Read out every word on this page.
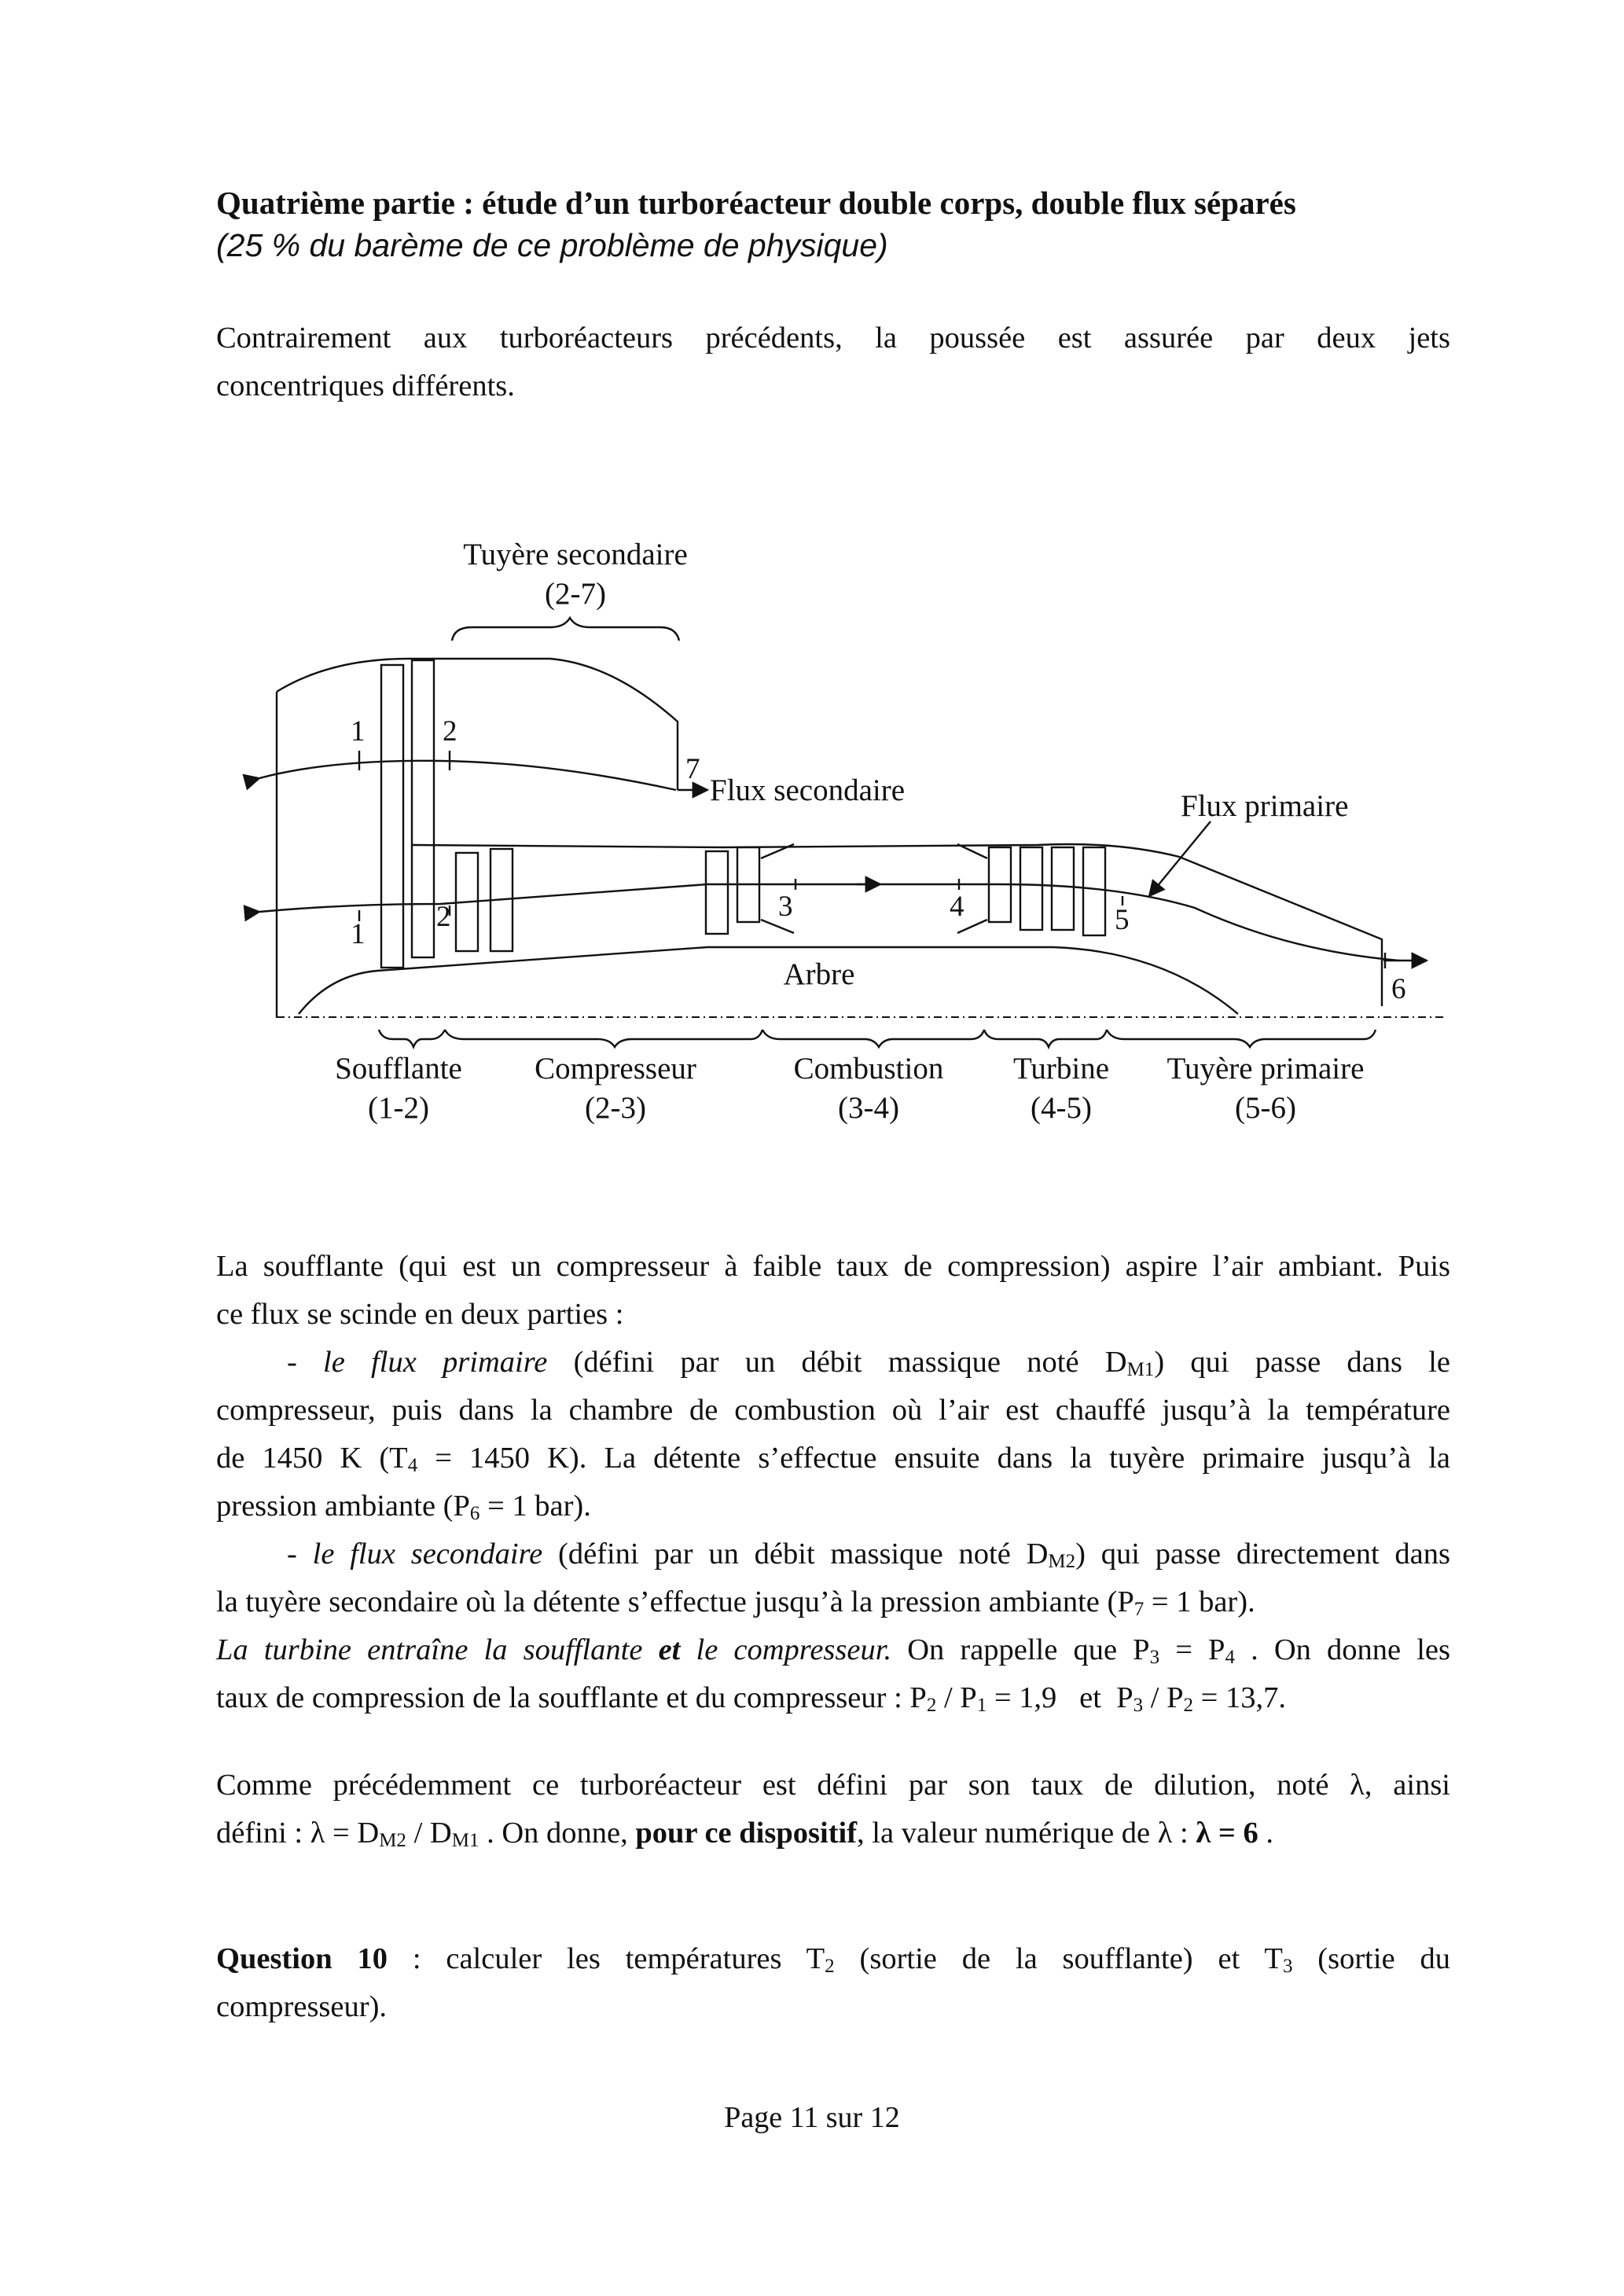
Quatrième partie : étude d’un turboréacteur double corps, double flux séparés
(25 % du barème de ce problème de physique)
Contrairement aux turboréacteurs précédents, la poussée est assurée par deux jets
concentriques différents.
Tuyère secondaire
(2-7)
Flux secondaire	Flux primaire
Arbre
1	2
7
1
2	3	4	5
6
Soufflante
(1-2)
Compresseur
(2-3)
Combustion
(3-4)
Turbine
(4-5)
Tuyère primaire
(5-6)
La soufflante (qui est un compresseur à faible taux de compression) aspire l’air ambiant. Puis
ce flux se scinde en deux parties :
- le flux primaire (défini par un débit massique noté $D_{M1}$) qui passe dans le
compresseur, puis dans la chambre de combustion où l’air est chauffé jusqu’à la température
de 1450 K ($T_4 = 1450$ K). La détente s’effectue ensuite dans la tuyère primaire jusqu’à la
pression ambiante ($P_6 = 1$ bar).
- le flux secondaire (défini par un débit massique noté $D_{M2}$) qui passe directement dans
la tuyère secondaire où la détente s’effectue jusqu’à la pression ambiante ($P_7 = 1$ bar).
La turbine entraîne la soufflante et le compresseur. On rappelle que $P_3 = P_4$ . On donne les
taux de compression de la soufflante et du compresseur : $P_2 / P_1 = 1,9$   et  $P_3 / P_2 = 13,7$.
Comme précédemment ce turboréacteur est défini par son taux de dilution, noté λ, ainsi
défini : $\lambda = D_{M2} / D_{M1}$ . On donne, pour ce dispositif, la valeur numérique de λ : λ = 6 .
Question 10 : calculer les températures $T_2$ (sortie de la soufflante) et $T_3$ (sortie du
compresseur).
Page 11 sur 12
